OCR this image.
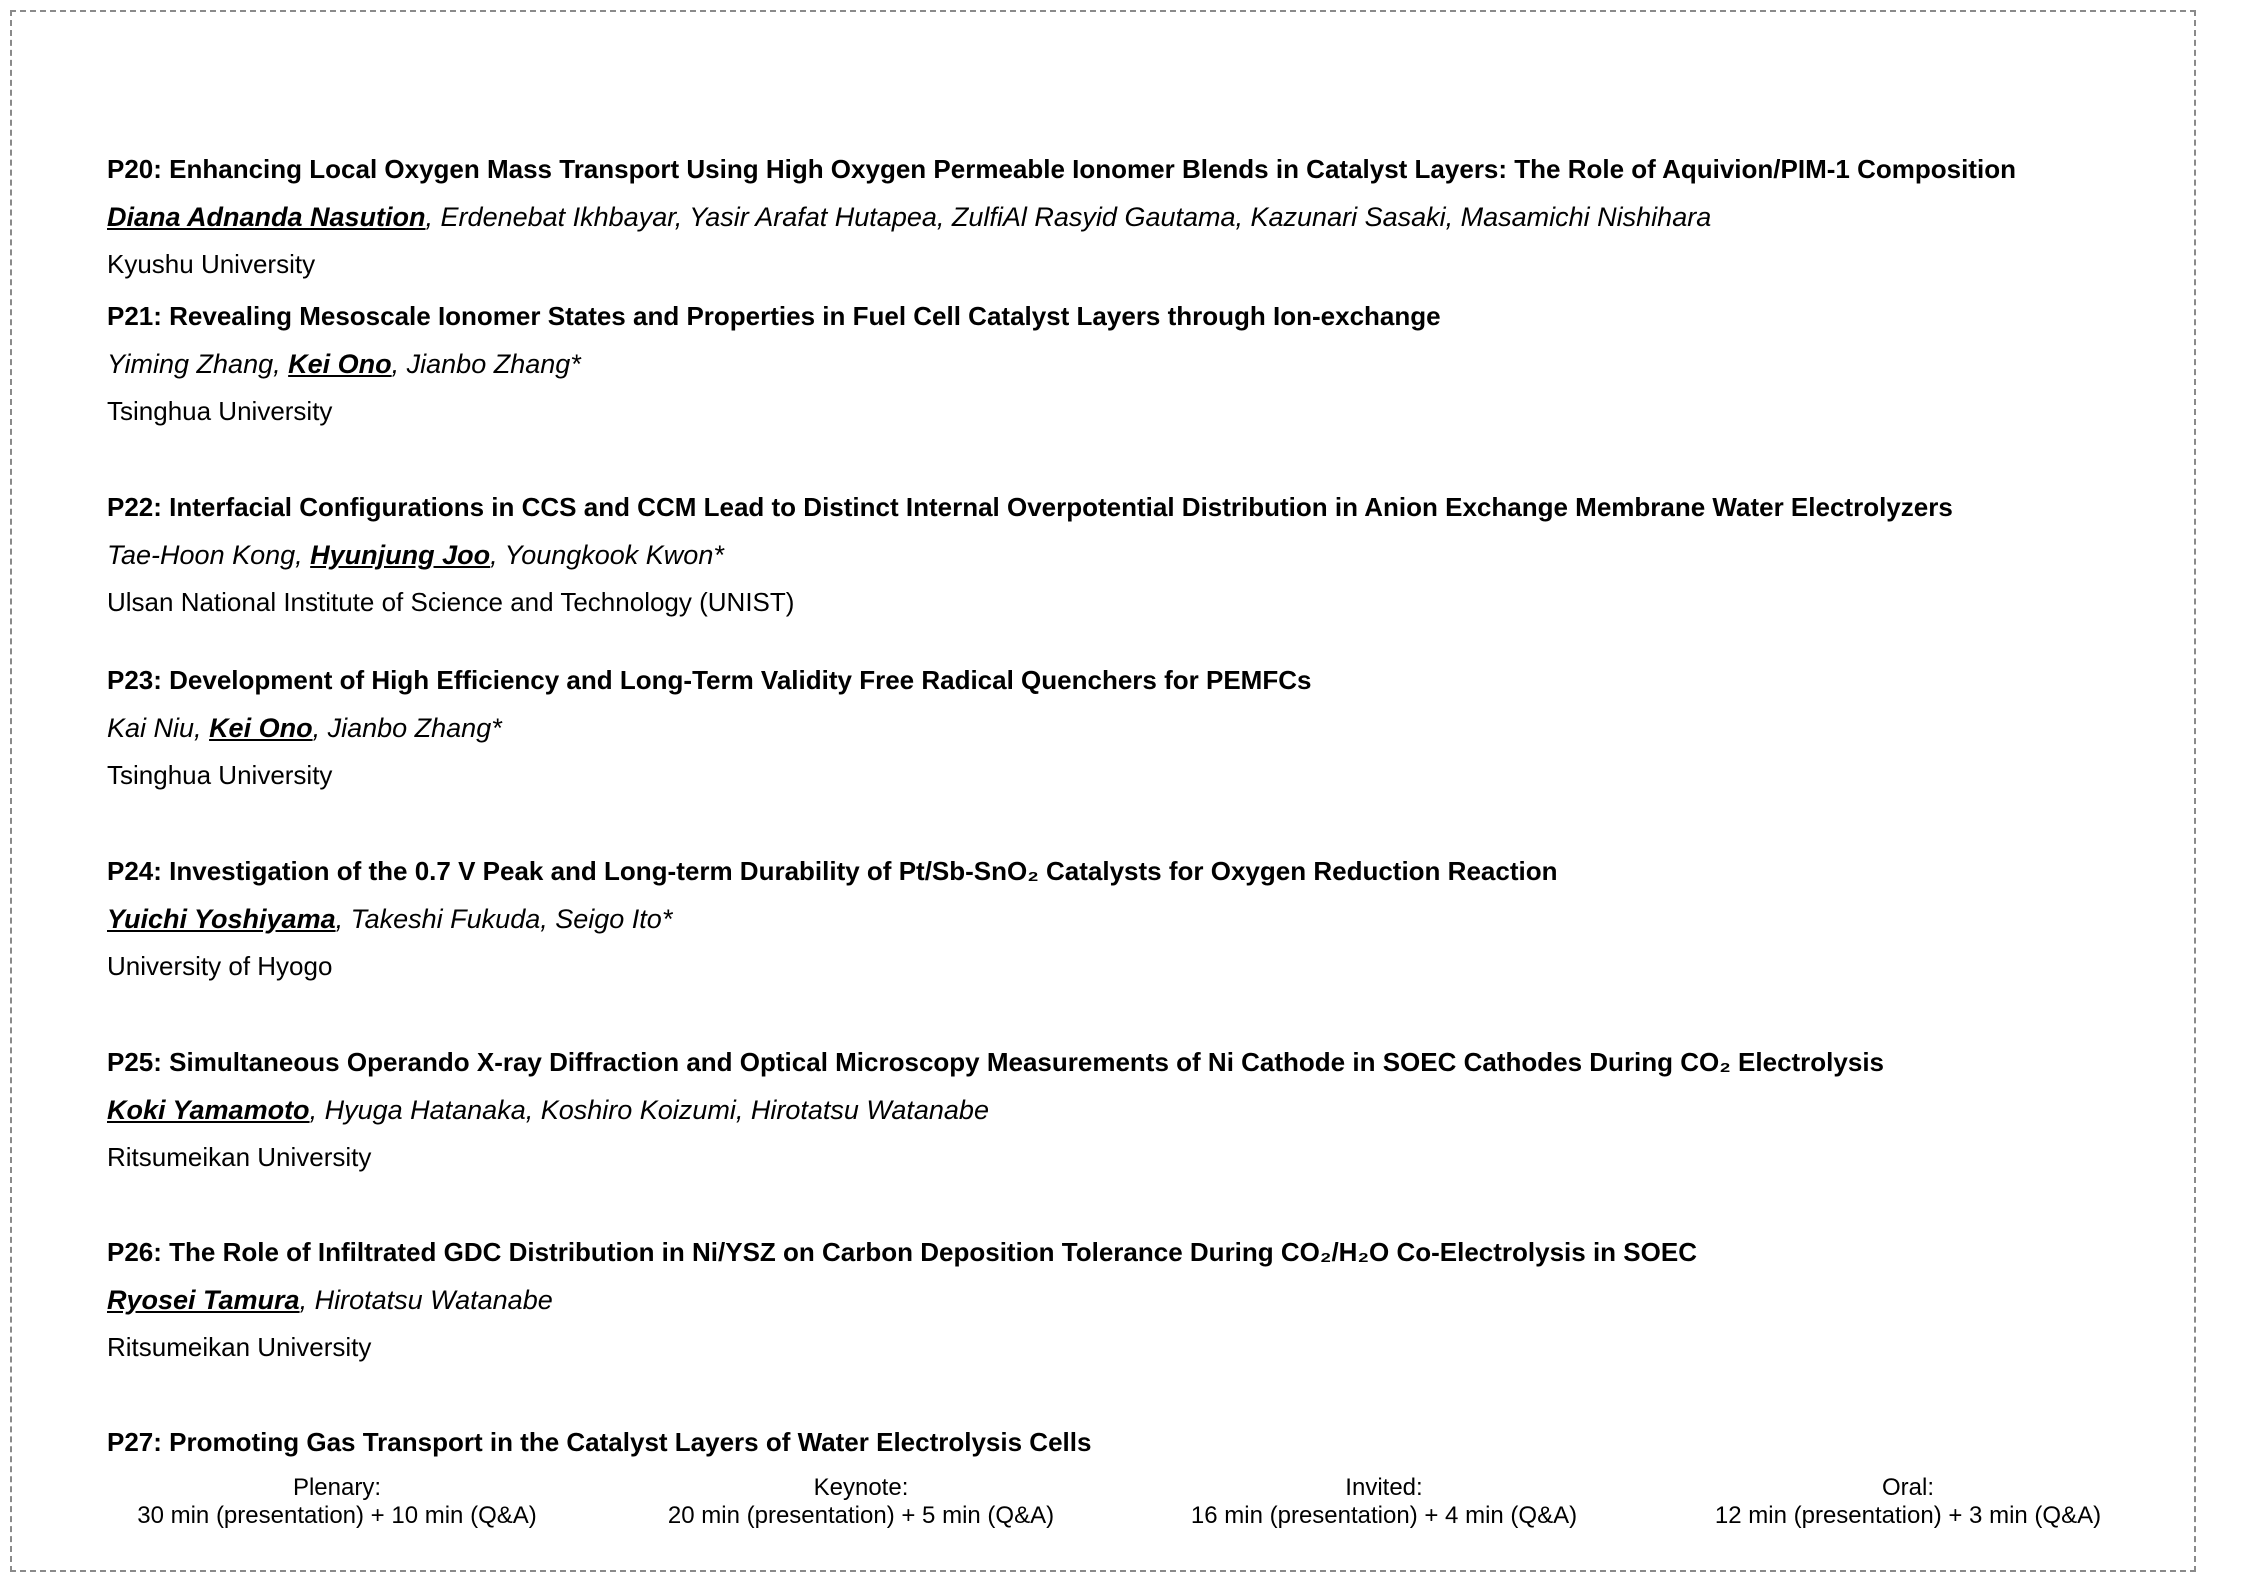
P20: Enhancing Local Oxygen Mass Transport Using High Oxygen Permeable Ionomer Blends in Catalyst Layers: The Role of Aquivion/PIM-1 Composition
Diana Adnanda Nasution, Erdenebat Ikhbayar, Yasir Arafat Hutapea, ZulfiAl Rasyid Gautama, Kazunari Sasaki, Masamichi Nishihara
Kyushu University
P21: Revealing Mesoscale Ionomer States and Properties in Fuel Cell Catalyst Layers through Ion-exchange
Yiming Zhang, Kei Ono, Jianbo Zhang*
Tsinghua University
P22: Interfacial Configurations in CCS and CCM Lead to Distinct Internal Overpotential Distribution in Anion Exchange Membrane Water Electrolyzers
Tae-Hoon Kong, Hyunjung Joo, Youngkook Kwon*
Ulsan National Institute of Science and Technology (UNIST)
P23: Development of High Efficiency and Long-Term Validity Free Radical Quenchers for PEMFCs
Kai Niu, Kei Ono, Jianbo Zhang*
Tsinghua University
P24: Investigation of the 0.7 V Peak and Long-term Durability of Pt/Sb-SnO₂ Catalysts for Oxygen Reduction Reaction
Yuichi Yoshiyama, Takeshi Fukuda, Seigo Ito*
University of Hyogo
P25: Simultaneous Operando X-ray Diffraction and Optical Microscopy Measurements of Ni Cathode in SOEC Cathodes During CO₂ Electrolysis
Koki Yamamoto, Hyuga Hatanaka, Koshiro Koizumi, Hirotatsu Watanabe
Ritsumeikan University
P26: The Role of Infiltrated GDC Distribution in Ni/YSZ on Carbon Deposition Tolerance During CO₂/H₂O Co-Electrolysis in SOEC
Ryosei Tamura, Hirotatsu Watanabe
Ritsumeikan University
P27: Promoting Gas Transport in the Catalyst Layers of Water Electrolysis Cells
Plenary:
30 min (presentation) + 10 min (Q&A)
Keynote:
20 min (presentation) + 5 min (Q&A)
Invited:
16 min (presentation) + 4 min (Q&A)
Oral:
12 min (presentation) + 3 min (Q&A)
